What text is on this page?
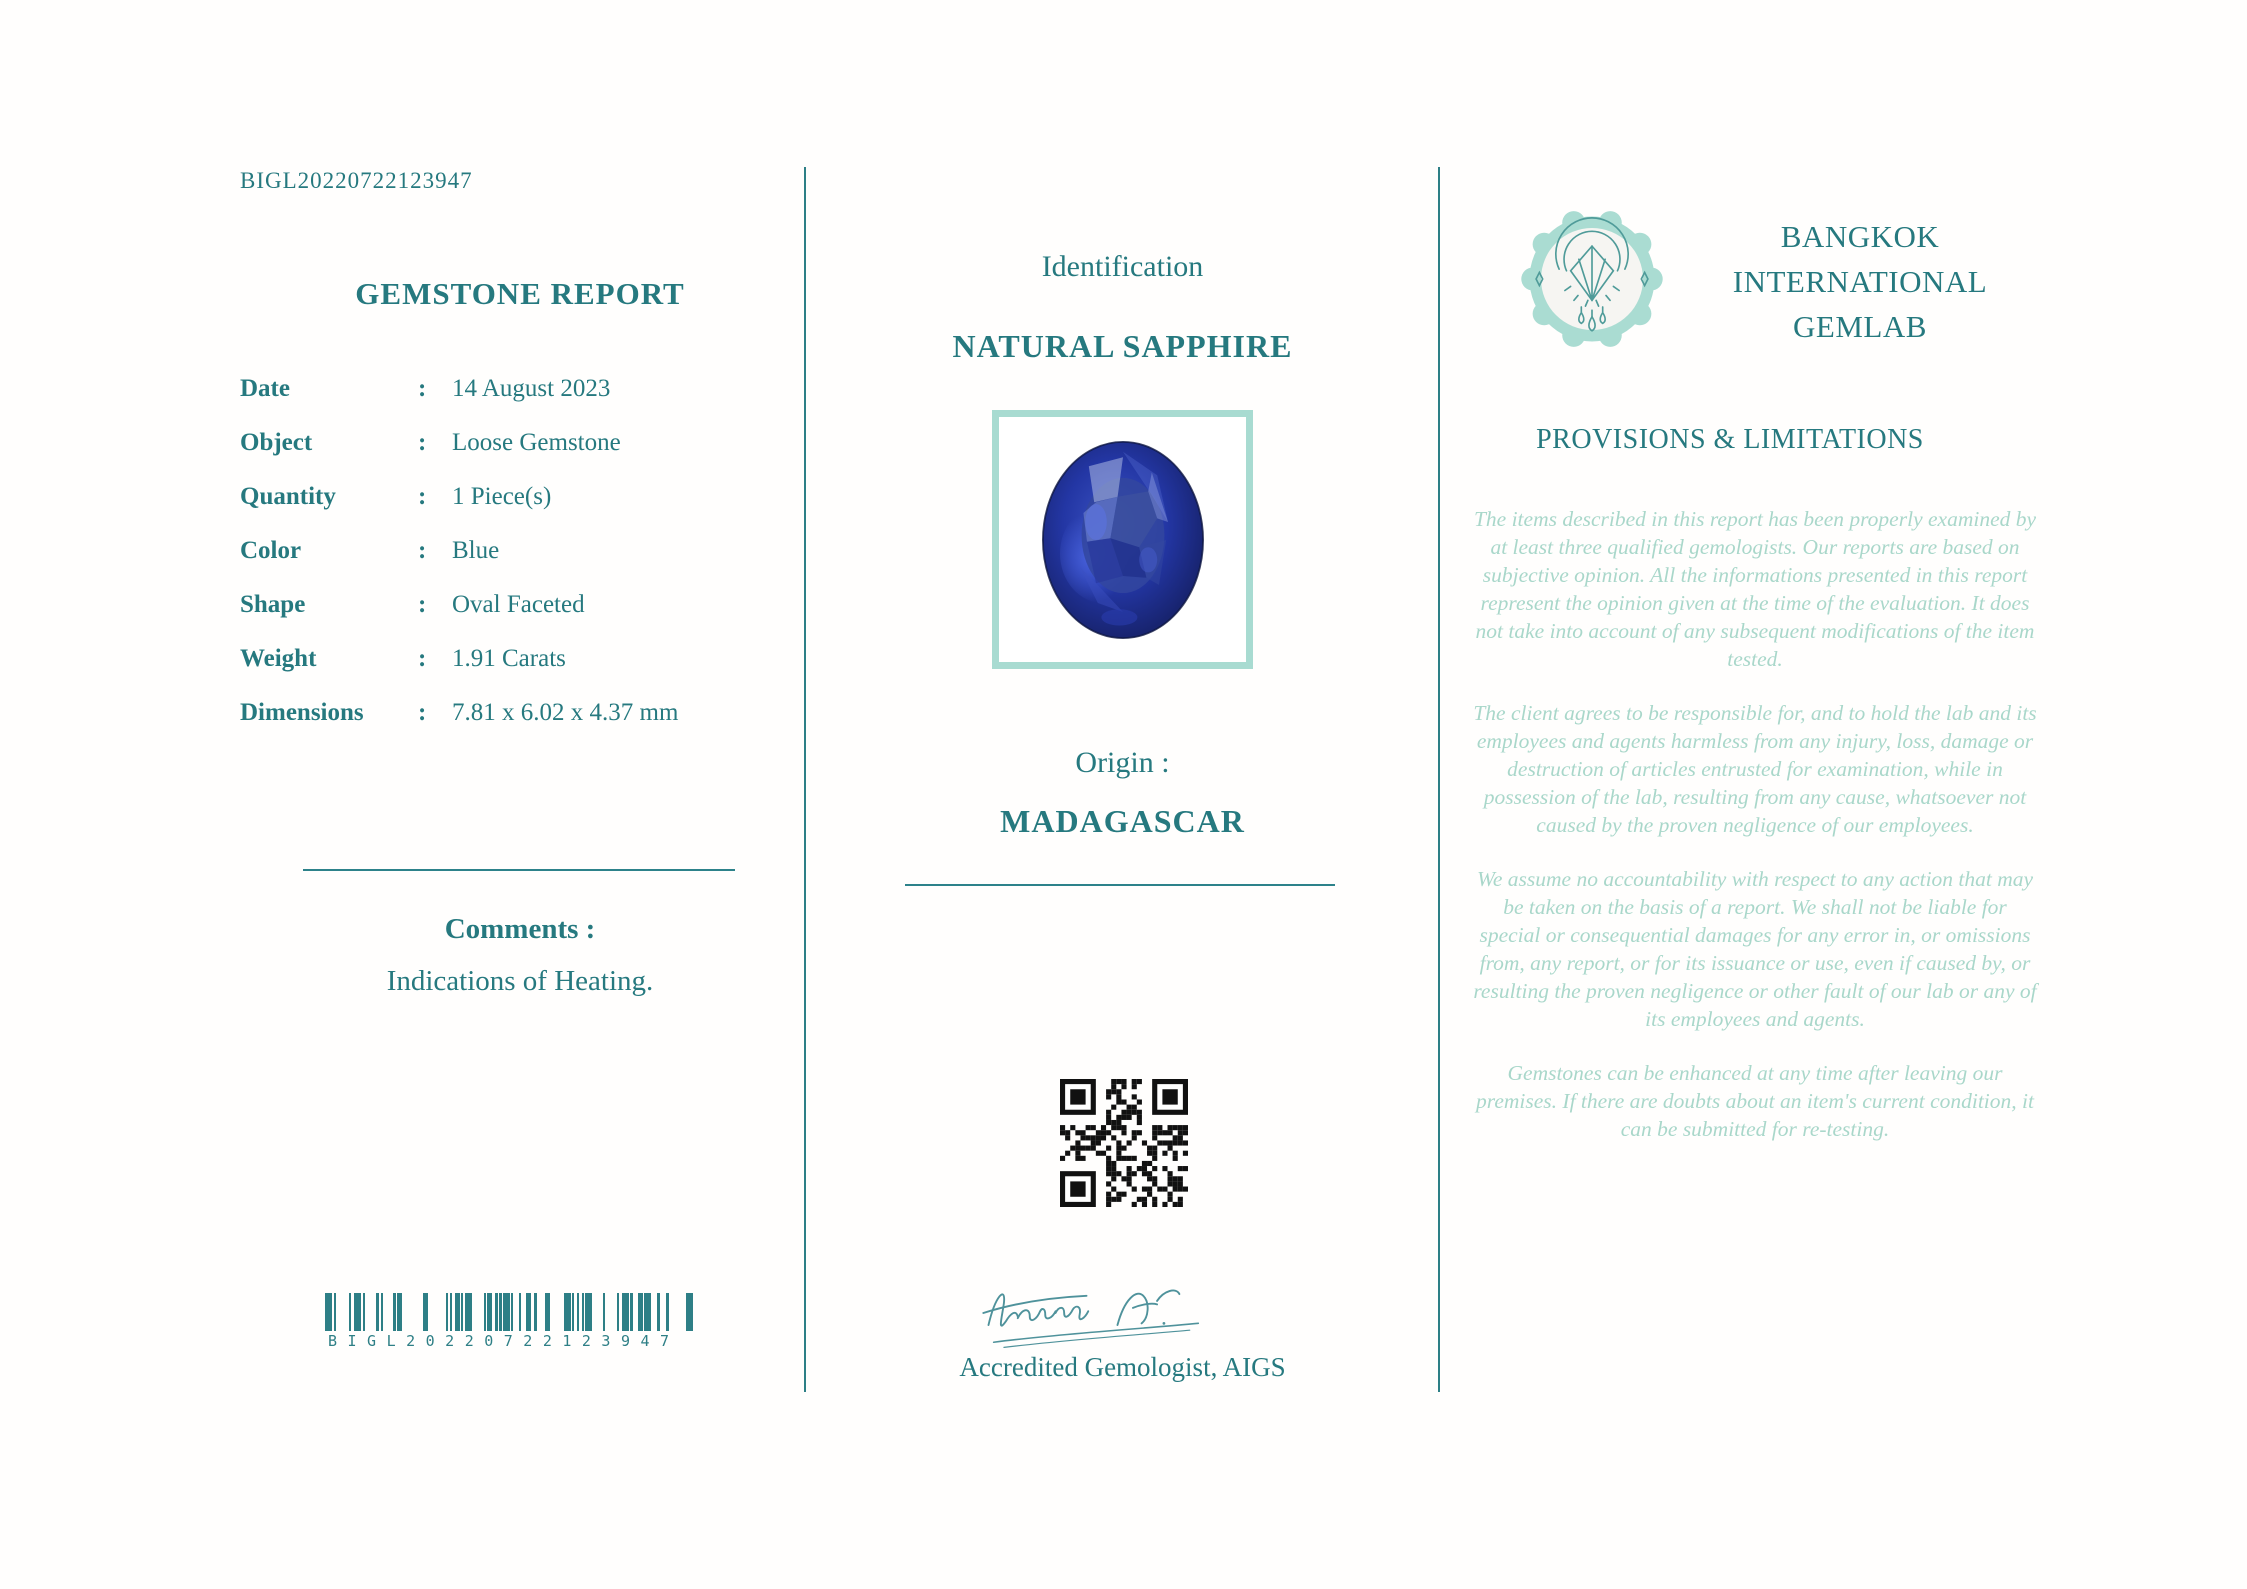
BIGL20220722123947
GEMSTONE REPORT
Date	:	14 August 2023
Object	:	Loose Gemstone
Quantity	:	1 Piece(s)
Color	:	Blue
Shape	:	Oval Faceted
Weight	:	1.91 Carats
Dimensions	:	7.81 x 6.02 x 4.37 mm
Comments :
Indications of Heating.
BIGL20220722123947
Identification
NATURAL SAPPHIRE
Origin :
MADAGASCAR
Accredited Gemologist, AIGS
BANGKOK
INTERNATIONAL
GEMLAB
PROVISIONS & LIMITATIONS

The items described in this report has been properly examined by at least three qualified gemologists. Our reports are based on subjective opinion. All the informations presented in this report represent the opinion given at the time of the evaluation. It does not take into account of any subsequent modifications of the item tested.

The client agrees to be responsible for, and to hold the lab and its employees and agents harmless from any injury, loss, damage or destruction of articles entrusted for examination, while in possession of the lab, resulting from any cause, whatsoever not caused by the proven negligence of our employees.

We assume no accountability with respect to any action that may be taken on the basis of a report. We shall not be liable for special or consequential damages for any error in, or omissions from, any report, or for its issuance or use, even if caused by, or resulting the proven negligence or other fault of our lab or any of its employees and agents.

Gemstones can be enhanced at any time after leaving our premises. If there are doubts about an item's current condition, it can be submitted for re-testing.
